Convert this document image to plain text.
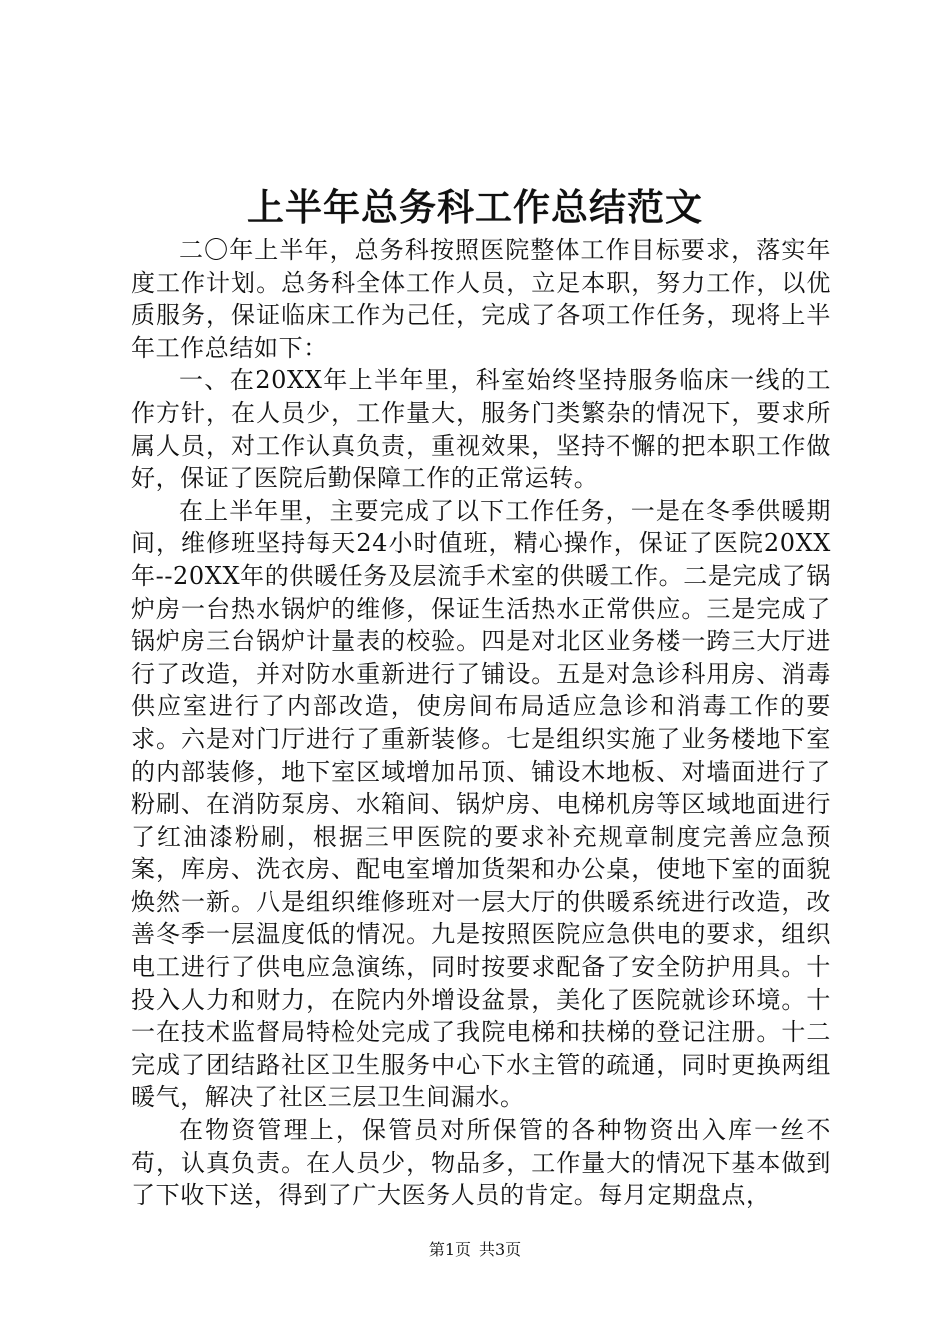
上半年总务科工作总结范文

二〇年上半年，总务科按照医院整体工作目标要求，落实年度工作计划。总务科全体工作人员，立足本职，努力工作，以优质服务，保证临床工作为己任，完成了各项工作任务，现将上半年工作总结如下：

一、在20XX年上半年里，科室始终坚持服务临床一线的工作方针，在人员少，工作量大，服务门类繁杂的情况下，要求所属人员，对工作认真负责，重视效果，坚持不懈的把本职工作做好，保证了医院后勤保障工作的正常运转。

在上半年里，主要完成了以下工作任务，一是在冬季供暖期间，维修班坚持每天24小时值班，精心操作，保证了医院20XX年--20XX年的供暖任务及层流手术室的供暖工作。二是完成了锅炉房一台热水锅炉的维修，保证生活热水正常供应。三是完成了锅炉房三台锅炉计量表的校验。四是对北区业务楼一跨三大厅进行了改造，并对防水重新进行了铺设。五是对急诊科用房、消毒供应室进行了内部改造，使房间布局适应急诊和消毒工作的要求。六是对门厅进行了重新装修。七是组织实施了业务楼地下室的内部装修，地下室区域增加吊顶、铺设木地板、对墙面进行了粉刷、在消防泵房、水箱间、锅炉房、电梯机房等区域地面进行了红油漆粉刷，根据三甲医院的要求补充规章制度完善应急预案，库房、洗衣房、配电室增加货架和办公桌，使地下室的面貌焕然一新。八是组织维修班对一层大厅的供暖系统进行改造，改善冬季一层温度低的情况。九是按照医院应急供电的要求，组织电工进行了供电应急演练，同时按要求配备了安全防护用具。十投入人力和财力，在院内外增设盆景，美化了医院就诊环境。十一在技术监督局特检处完成了我院电梯和扶梯的登记注册。十二完成了团结路社区卫生服务中心下水主管的疏通，同时更换两组暖气，解决了社区三层卫生间漏水。

在物资管理上，保管员对所保管的各种物资出入库一丝不苟，认真负责。在人员少，物品多，工作量大的情况下基本做到了下收下送，得到了广大医务人员的肯定。每月定期盘点，

第1页 共3页
